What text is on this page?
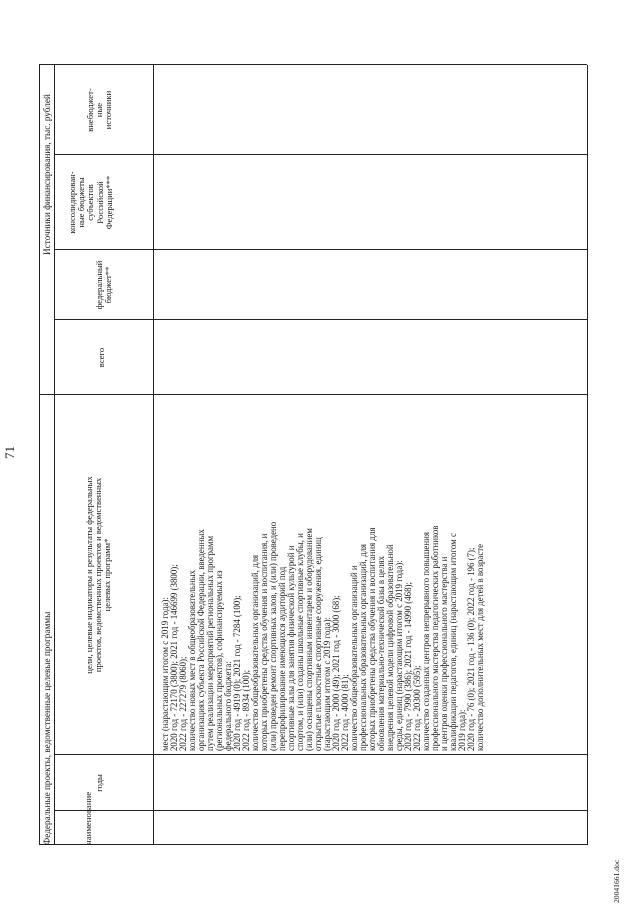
71
Федеральные проекты, ведомственные целевые программы
Источники финансирования, тыс. рублей
наименование
годы
цели, целевые индикаторы и результаты федеральных
проектов, ведомственных проектов и ведомственных
целевых программ*
всего
федеральный
бюджет**
консолидирован-
ные бюджеты
субъектов
Российской
Федерации***
внебюджет-
ные
источники
мест (нарастающим итогом с 2019 года): 2020 год - 72170 (3800); 2021 год - 146699 (3800); 2022 год - 227279 (8060); количество новых мест в общеобразовательных организациях субъекта Российской Федерации, введенных путем реализации мероприятий региональных программ (региональных проектов), софинансируемых из федерального бюджета: 2020 год - 4919 (0); 2021 год - 7284 (100); 2022 год - 8934 (100); количество общеобразовательных организаций, для которых приобретены средства обучения и воспитания, и (или) проведен ремонт спортивных залов, и (или) проведено перепрофилирование имеющихся аудиторий под спортивные залы для занятия физической культурой и спортом, и (или) созданы школьные спортивные клубы, и (или) оснащены спортивным инвентарем и оборудованием открытые плоскостные спортивные сооружения, единиц (нарастающим итогом с 2019 года): 2020 год - 2000 (49); 2021 год - 3000 (68); 2022 год - 4000 (81); количество общеобразовательных организаций и профессиональных образовательных организаций, для которых приобретены средства обучения и воспитания для обновления материально-технической базы в целях внедрения целевой модели цифровой образовательной среды, единиц (нарастающим итогом с 2019 года): 2020 год - 7990 (386); 2021 год - 14990 (468); 2022 год - 20300 (595); количество созданных центров непрерывного повышения профессионального мастерства педагогических работников и центров оценки профессионального мастерства и квалификации педагогов, единиц (нарастающим итогом с 2019 года): 2020 год - 76 (0); 2021 год - 136 (0); 2022 год - 196 (7); количество дополнительных мест для детей в возрасте
20041661.doc
